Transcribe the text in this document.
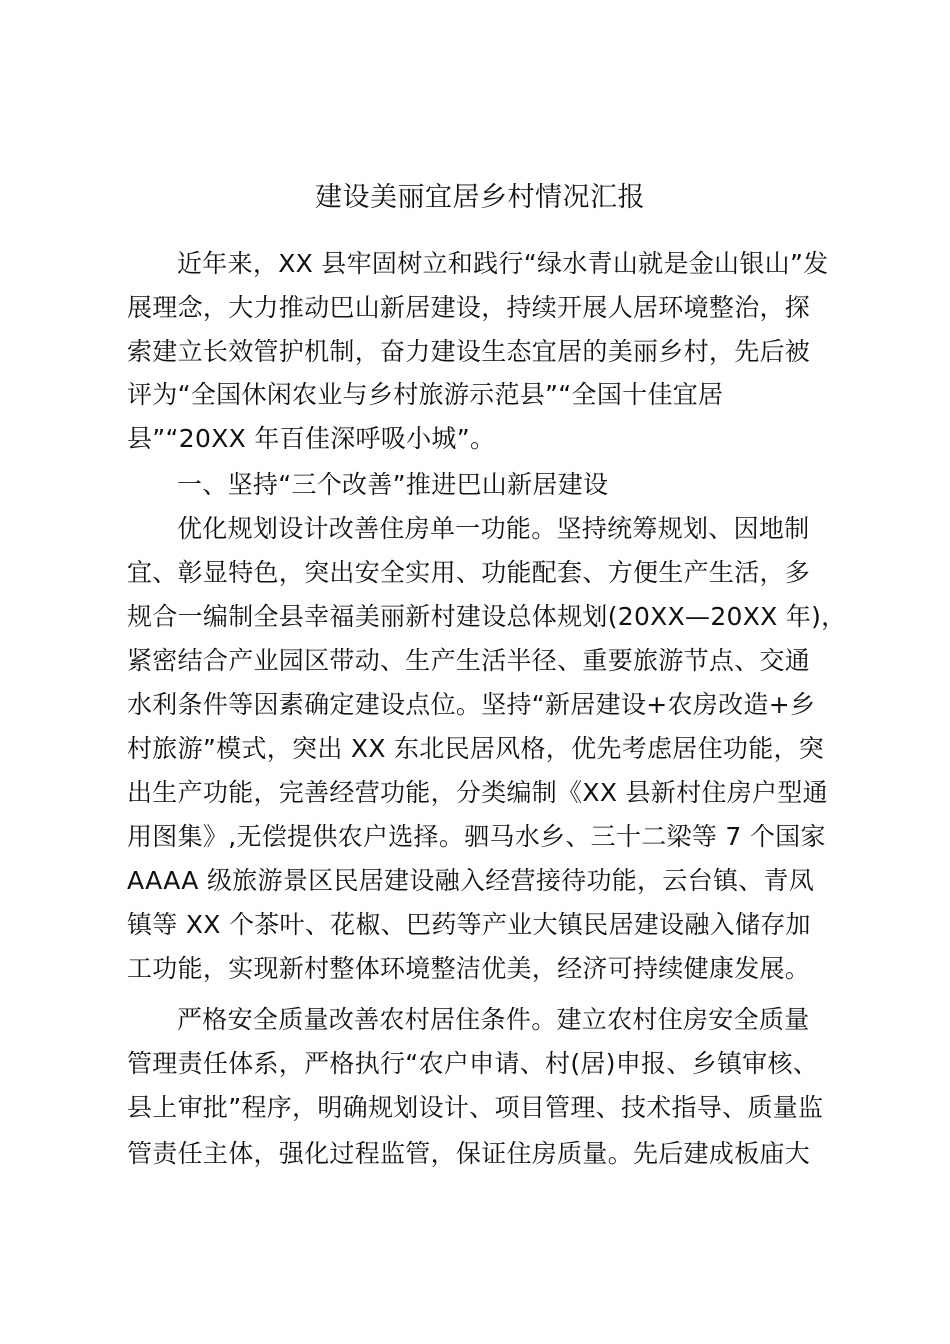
建设美丽宜居乡村情况汇报
近年来，XX 县牢固树立和践行“绿水青山就是金山银山”发
展理念，大力推动巴山新居建设，持续开展人居环境整治，探
索建立长效管护机制，奋力建设生态宜居的美丽乡村，先后被
评为“全国休闲农业与乡村旅游示范县”“全国十佳宜居
县”“20XX 年百佳深呼吸小城”。
一、坚持“三个改善”推进巴山新居建设
优化规划设计改善住房单一功能。坚持统筹规划、因地制
宜、彰显特色，突出安全实用、功能配套、方便生产生活，多
规合一编制全县幸福美丽新村建设总体规划(20XX—20XX 年)，
紧密结合产业园区带动、生产生活半径、重要旅游节点、交通
水利条件等因素确定建设点位。坚持“新居建设+农房改造+乡
村旅游”模式，突出 XX 东北民居风格，优先考虑居住功能，突
出生产功能，完善经营功能，分类编制《XX 县新村住房户型通
用图集》,无偿提供农户选择。驷马水乡、三十二梁等 7 个国家
AAAA 级旅游景区民居建设融入经营接待功能，云台镇、青凤
镇等 XX 个茶叶、花椒、巴药等产业大镇民居建设融入储存加
工功能，实现新村整体环境整洁优美，经济可持续健康发展。
严格安全质量改善农村居住条件。建立农村住房安全质量
管理责任体系，严格执行“农户申请、村(居)申报、乡镇审核、
县上审批”程序，明确规划设计、项目管理、技术指导、质量监
管责任主体，强化过程监管，保证住房质量。先后建成板庙大
